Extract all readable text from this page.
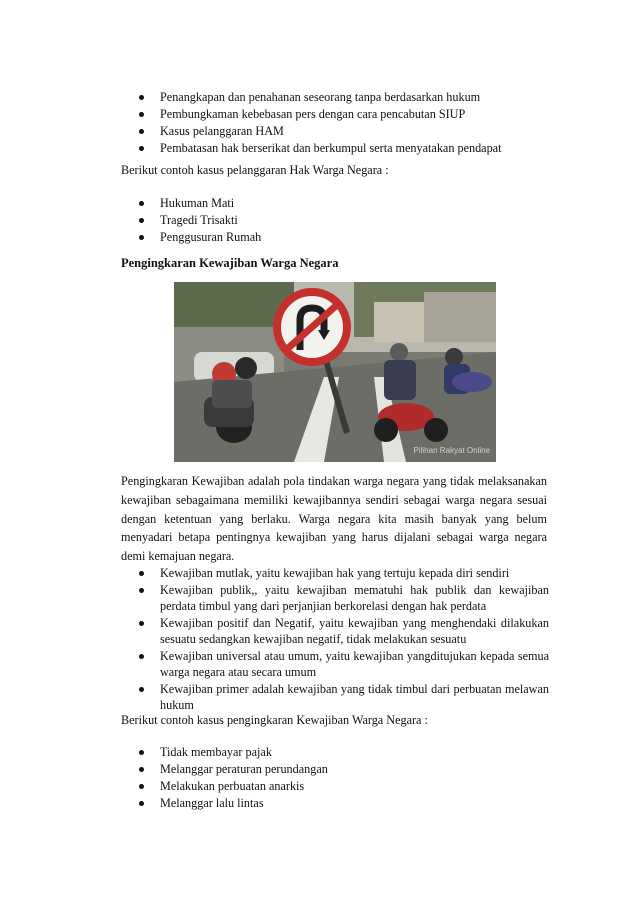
Penangkapan dan penahanan seseorang tanpa berdasarkan hukum
Pembungkaman kebebasan pers dengan cara pencabutan SIUP
Kasus pelanggaran HAM
Pembatasan hak berserikat dan berkumpul serta menyatakan pendapat

Berikut contoh kasus pelanggaran Hak Warga Negara :

Hukuman Mati
Tragedi Trisakti
Penggusuran Rumah
Pengingkaran Kewajiban Warga Negara
Pilihan Rakyat Online

Pengingkaran Kewajiban adalah pola tindakan warga negara yang tidak melaksanakan kewajiban sebagaimana memiliki kewajibannya sendiri sebagai warga negara sesuai dengan ketentuan yang berlaku. Warga negara kita masih banyak yang belum menyadari betapa pentingnya kewajiban yang harus dijalani sebagai warga negara demi kemajuan negara.

Kewajiban mutlak, yaitu kewajiban hak yang tertuju kepada diri sendiri
Kewajiban publik,, yaitu kewajiban mematuhi hak publik dan kewajiban perdata timbul yang dari perjanjian berkorelasi dengan hak perdata
Kewajiban positif dan Negatif, yaitu kewajiban yang menghendaki dilakukan sesuatu sedangkan kewajiban negatif, tidak melakukan sesuatu
Kewajiban universal atau umum, yaitu kewajiban yangditujukan kepada semua warga negara atau secara umum
Kewajiban primer adalah kewajiban yang tidak timbul dari perbuatan melawan hukum

Berikut contoh kasus pengingkaran Kewajiban Warga Negara :

Tidak membayar pajak
Melanggar peraturan perundangan
Melakukan perbuatan anarkis
Melanggar lalu lintas
